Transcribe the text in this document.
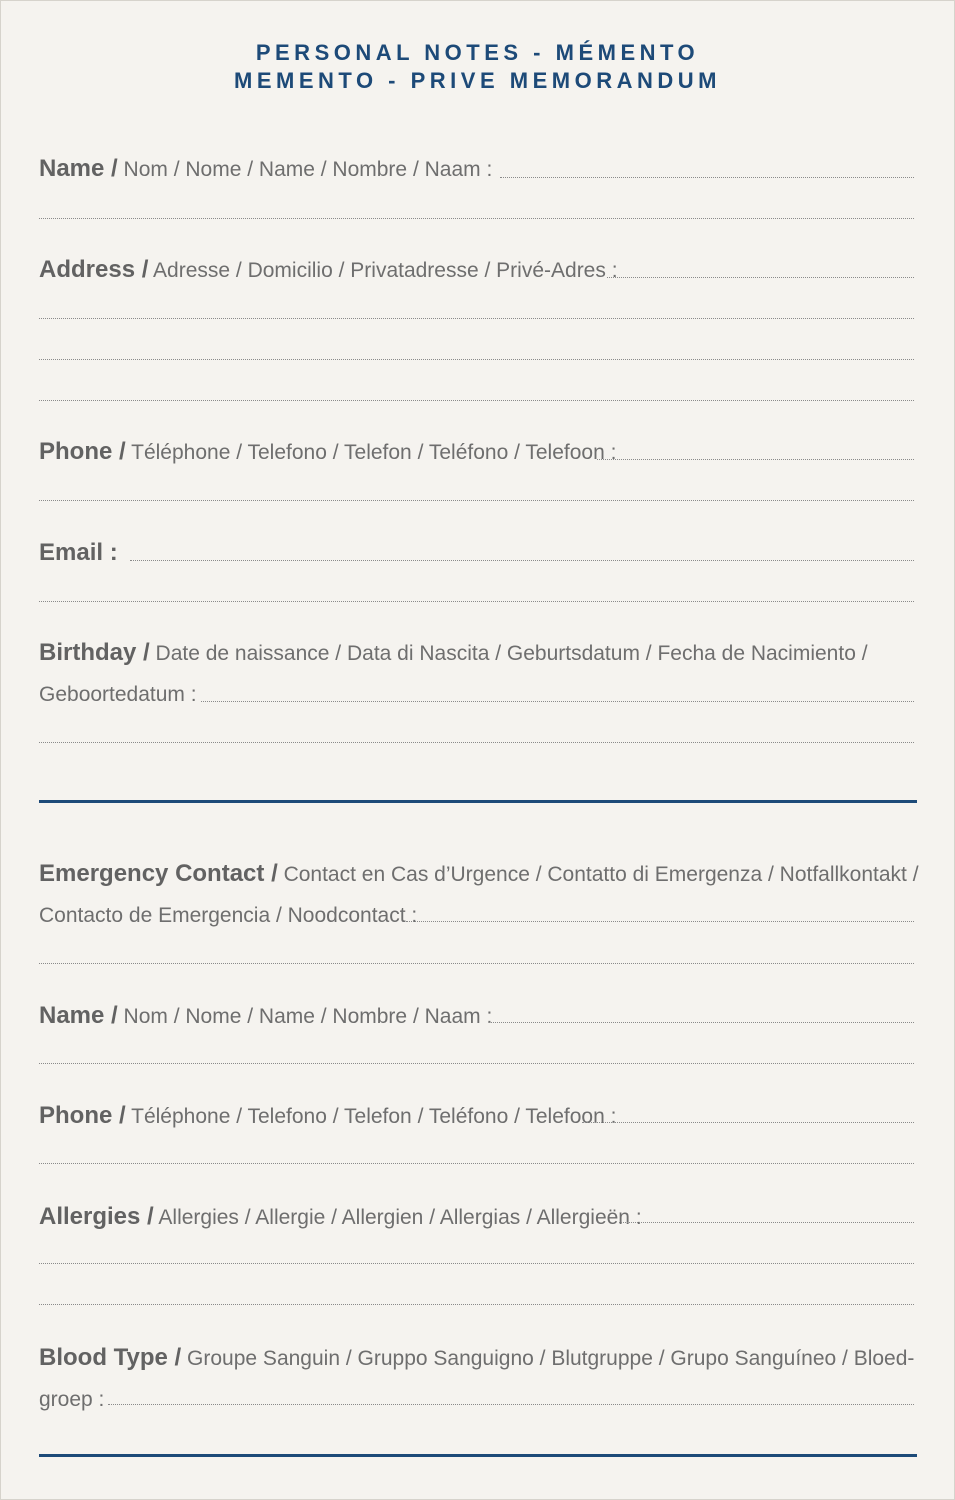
PERSONAL NOTES - MÉMENTO
MEMENTO - PRIVE MEMORANDUM
Name / Nom / Nome / Name / Nombre / Naam :
Address / Adresse / Domicilio / Privatadresse / Privé-Adres :
Phone / Téléphone / Telefono / Telefon / Teléfono / Telefoon :
Email :
Birthday / Date de naissance / Data di Nascita / Geburtsdatum / Fecha de Nacimiento /
Geboortedatum :
Emergency Contact / Contact en Cas d’Urgence / Contatto di Emergenza / Notfallkontakt /
Contacto de Emergencia / Noodcontact :
Name / Nom / Nome / Name / Nombre / Naam :
Phone / Téléphone / Telefono / Telefon / Teléfono / Telefoon :
Allergies / Allergies / Allergie / Allergien / Allergias / Allergieën :
Blood Type / Groupe Sanguin / Gruppo Sanguigno / Blutgruppe / Grupo Sanguíneo / Bloed-
groep :
